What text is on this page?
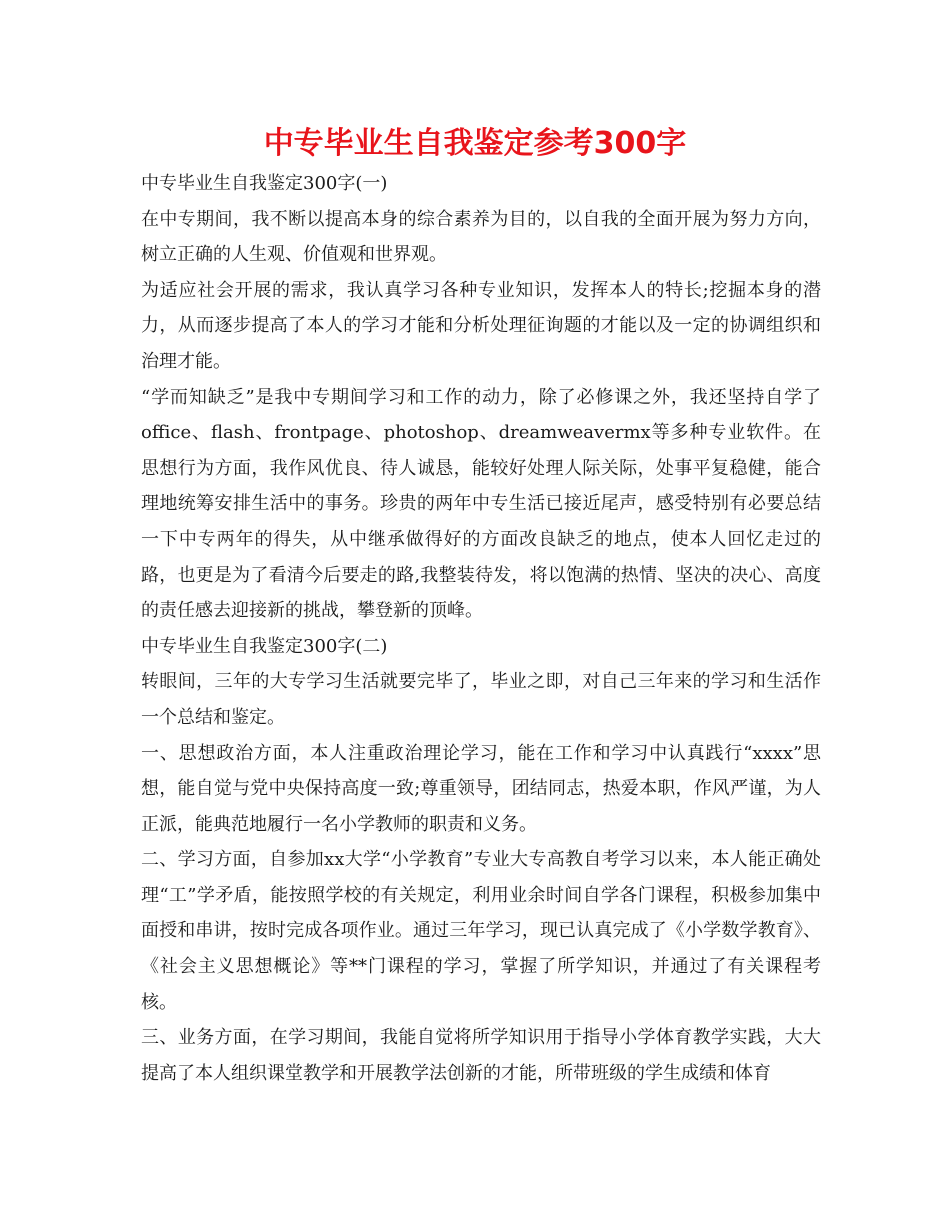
中专毕业生自我鉴定参考300字

中专毕业生自我鉴定300字(一)

在中专期间，我不断以提高本身的综合素养为目的，以自我的全面开展为努力方向，树立正确的人生观、价值观和世界观。

为适应社会开展的需求，我认真学习各种专业知识，发挥本人的特长;挖掘本身的潜力，从而逐步提高了本人的学习才能和分析处理征询题的才能以及一定的协调组织和治理才能。

“学而知缺乏”是我中专期间学习和工作的动力，除了必修课之外，我还坚持自学了office、flash、frontpage、photoshop、dreamweavermx等多种专业软件。在思想行为方面，我作风优良、待人诚恳，能较好处理人际关际，处事平复稳健，能合理地统筹安排生活中的事务。珍贵的两年中专生活已接近尾声，感受特别有必要总结一下中专两年的得失，从中继承做得好的方面改良缺乏的地点，使本人回忆走过的路，也更是为了看清今后要走的路,我整装待发，将以饱满的热情、坚决的决心、高度的责任感去迎接新的挑战，攀登新的顶峰。

中专毕业生自我鉴定300字(二)

转眼间，三年的大专学习生活就要完毕了，毕业之即，对自己三年来的学习和生活作一个总结和鉴定。

一、思想政治方面，本人注重政治理论学习，能在工作和学习中认真践行“xxxx”思想，能自觉与党中央保持高度一致;尊重领导，团结同志，热爱本职，作风严谨，为人正派，能典范地履行一名小学教师的职责和义务。

二、学习方面，自参加xx大学“小学教育”专业大专高教自考学习以来，本人能正确处理“工”学矛盾，能按照学校的有关规定，利用业余时间自学各门课程，积极参加集中面授和串讲，按时完成各项作业。通过三年学习，现已认真完成了《小学数学教育》、《社会主义思想概论》等**门课程的学习，掌握了所学知识，并通过了有关课程考核。

三、业务方面，在学习期间，我能自觉将所学知识用于指导小学体育教学实践，大大提高了本人组织课堂教学和开展教学法创新的才能，所带班级的学生成绩和体育
